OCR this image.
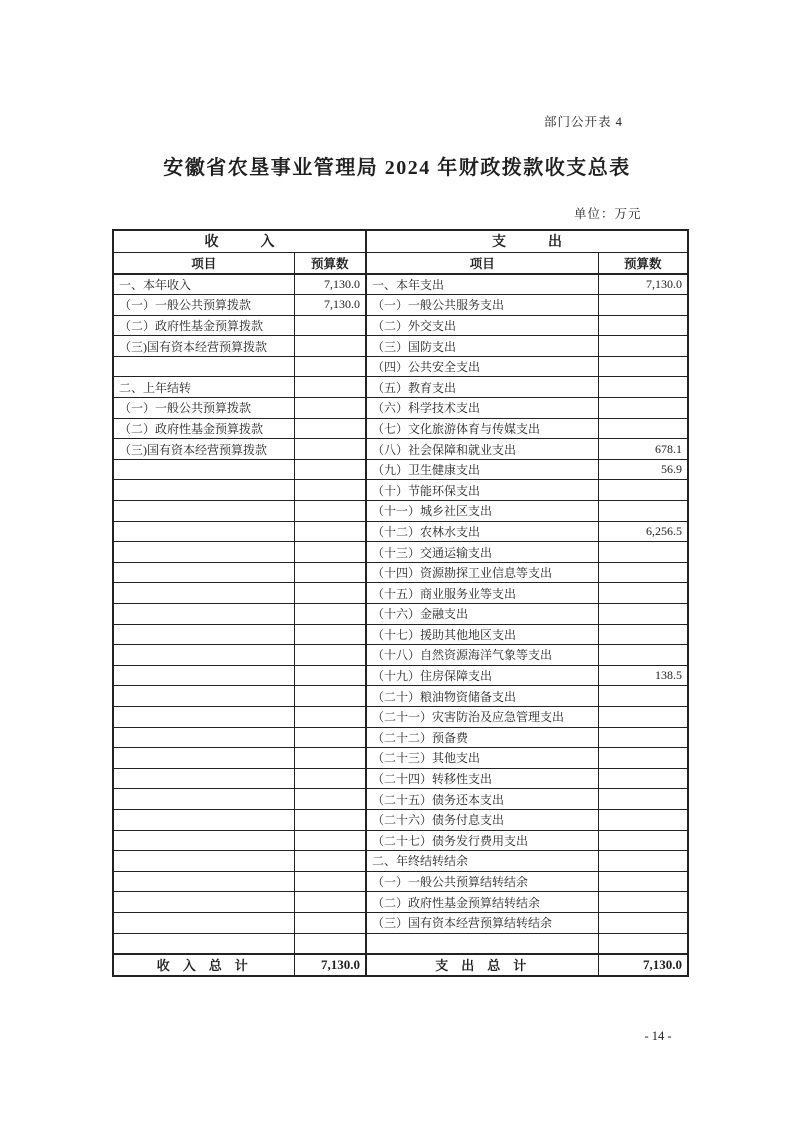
部门公开表 4
安徽省农垦事业管理局 2024 年财政拨款收支总表
单位：万元
收　　　入		支　　　出	
项目	预算数	项目	预算数
一、本年收入	7,130.0	一、本年支出	7,130.0
（一）一般公共预算拨款	7,130.0	（一）一般公共服务支出	
（二）政府性基金预算拨款		（二）外交支出	
（三)国有资本经营预算拨款		（三）国防支出	
		（四）公共安全支出	
二、上年结转		（五）教育支出	
（一）一般公共预算拨款		（六）科学技术支出	
（二）政府性基金预算拨款		（七）文化旅游体育与传媒支出	
（三)国有资本经营预算拨款		（八）社会保障和就业支出	678.1
		（九）卫生健康支出	56.9
		（十）节能环保支出	
		（十一）城乡社区支出	
		（十二）农林水支出	6,256.5
		（十三）交通运输支出	
		（十四）资源勘探工业信息等支出	
		（十五）商业服务业等支出	
		（十六）金融支出	
		（十七）援助其他地区支出	
		（十八）自然资源海洋气象等支出	
		（十九）住房保障支出	138.5
		（二十）粮油物资储备支出	
		（二十一）灾害防治及应急管理支出	
		（二十二）预备费	
		（二十三）其他支出	
		（二十四）转移性支出	
		（二十五）债务还本支出	
		（二十六）债务付息支出	
		（二十七）债务发行费用支出	
		二、年终结转结余	
		（一）一般公共预算结转结余	
		（二）政府性基金预算结转结余	
		（三）国有资本经营预算结转结余	

收　入　总　计	7,130.0	支　出　总　计	7,130.0
- 14 -
